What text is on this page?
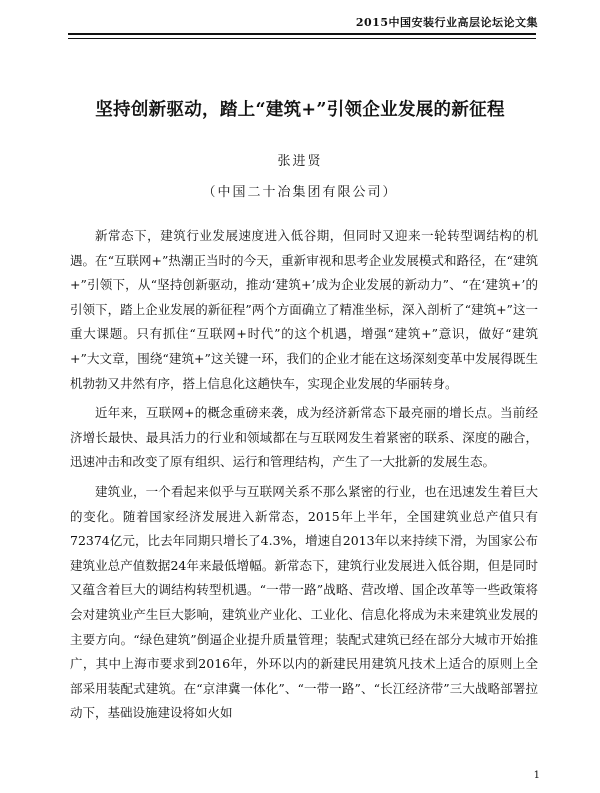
2015中国安装行业高层论坛论文集
坚持创新驱动，踏上“建筑+”引领企业发展的新征程
张进贤
（中国二十冶集团有限公司）

新常态下，建筑行业发展速度进入低谷期，但同时又迎来一轮转型调结构的机遇。在“互联网+”热潮正当时的今天，重新审视和思考企业发展模式和路径，在“建筑+”引领下，从“坚持创新驱动，推动‘建筑+’成为企业发展的新动力”、“在‘建筑+’的引领下，踏上企业发展的新征程”两个方面确立了精准坐标，深入剖析了“建筑+”这一重大课题。只有抓住“互联网+时代”的这个机遇，增强“建筑+”意识，做好“建筑+”大文章，围绕“建筑+”这关键一环，我们的企业才能在这场深刻变革中发展得既生机勃勃又井然有序，搭上信息化这趟快车，实现企业发展的华丽转身。

近年来，互联网+的概念重磅来袭，成为经济新常态下最亮丽的增长点。当前经济增长最快、最具活力的行业和领域都在与互联网发生着紧密的联系、深度的融合，迅速冲击和改变了原有组织、运行和管理结构，产生了一大批新的发展生态。

建筑业，一个看起来似乎与互联网关系不那么紧密的行业，也在迅速发生着巨大的变化。随着国家经济发展进入新常态，2015年上半年，全国建筑业总产值只有72374亿元，比去年同期只增长了4.3%，增速自2013年以来持续下滑，为国家公布建筑业总产值数据24年来最低增幅。新常态下，建筑行业发展进入低谷期，但是同时又蕴含着巨大的调结构转型机遇。“一带一路”战略、营改增、国企改革等一些政策将会对建筑业产生巨大影响，建筑业产业化、工业化、信息化将成为未来建筑业发展的主要方向。“绿色建筑”倒逼企业提升质量管理；装配式建筑已经在部分大城市开始推广，其中上海市要求到2016年，外环以内的新建民用建筑凡技术上适合的原则上全部采用装配式建筑。在“京津冀一体化”、“一带一路”、“长江经济带”三大战略部署拉动下，基础设施建设将如火如

1
